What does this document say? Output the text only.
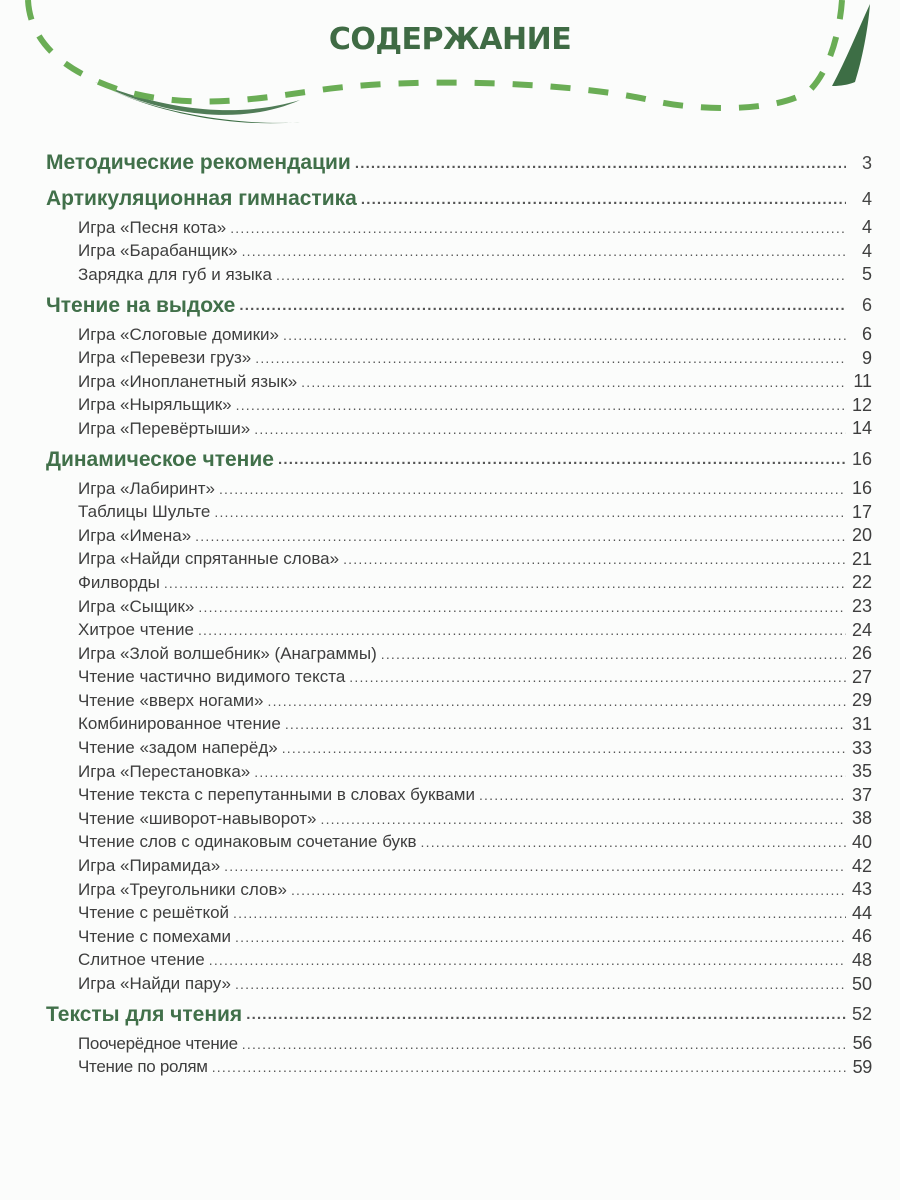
СОДЕРЖАНИЕ
Методические рекомендации .....	3
Артикуляционная гимнастика .....	4
Игра «Песня кота» .....	4
Игра «Барабанщик» .....	4
Зарядка для губ и языка .....	5
Чтение на выдохе .....	6
Игра «Слоговые домики» .....	6
Игра «Перевези груз» .....	9
Игра «Инопланетный язык» .....	11
Игра «Ныряльщик» .....	12
Игра «Перевёртыши» .....	14
Динамическое чтение .....	16
Игра «Лабиринт» .....	16
Таблицы Шульте .....	17
Игра «Имена» .....	20
Игра «Найди спрятанные слова» .....	21
Филворды .....	22
Игра «Сыщик» .....	23
Хитрое чтение .....	24
Игра «Злой волшебник» (Анаграммы) .....	26
Чтение частично видимого текста .....	27
Чтение «вверх ногами» .....	29
Комбинированное чтение .....	31
Чтение «задом наперёд» .....	33
Игра «Перестановка» .....	35
Чтение текста с перепутанными в словах буквами .....	37
Чтение «шиворот-навыворот» .....	38
Чтение слов с одинаковым сочетание букв .....	40
Игра «Пирамида» .....	42
Игра «Треугольники слов» .....	43
Чтение с решёткой .....	44
Чтение с помехами .....	46
Слитное чтение .....	48
Игра «Найди пару» .....	50
Тексты для чтения .....	52
Поочерёдное чтение .....	56
Чтение по ролям .....	59
